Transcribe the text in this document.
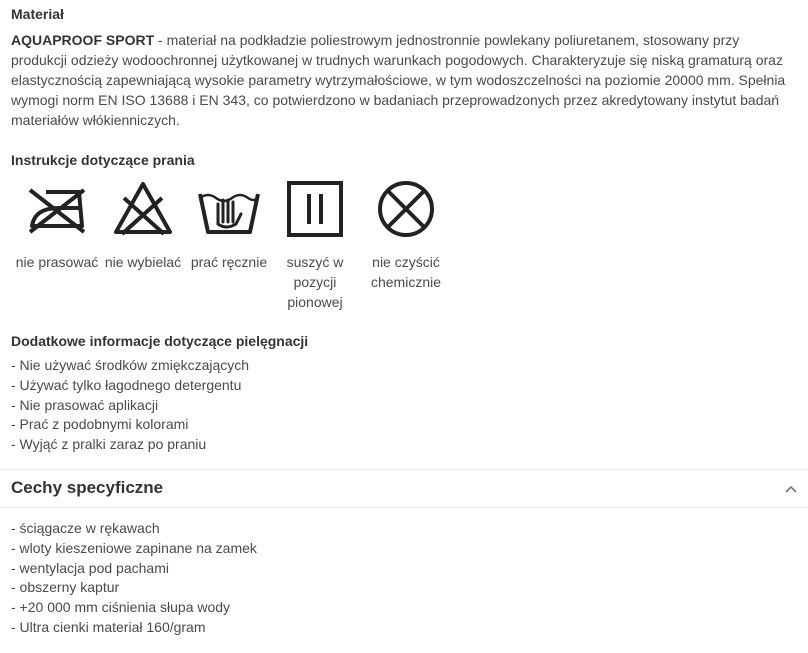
Materiał
AQUAPROOF SPORT - materiał na podkładzie poliestrowym jednostronnie powlekany poliuretanem, stosowany przy produkcji odzieży wodoochronnej użytkowanej w trudnych warunkach pogodowych. Charakteryzuje się niską gramaturą oraz elastycznością zapewniającą wysokie parametry wytrzymałościowe, w tym wodoszczelności na poziomie 20000 mm. Spełnia wymogi norm EN ISO 13688 i EN 343, co potwierdzono w badaniach przeprowadzonych przez akredytowany instytut badań materiałów włókienniczych.
Instrukcje dotyczące prania
nie prasować nie wybielać prać ręcznie	suszyć w pozycji pionowej
nie czyścić chemicznie
Dodatkowe informacje dotyczące pielęgnacji
- Nie używać środków zmiękczających
- Używać tylko łagodnego detergentu
- Nie prasować aplikacji
- Prać z podobnymi kolorami
- Wyjąć z pralki zaraz po praniu
Cechy specyficzne
- ściągacze w rękawach
- wloty kieszeniowe zapinane na zamek
- wentylacja pod pachami
- obszerny kaptur
- +20 000 mm ciśnienia słupa wody
- Ultra cienki materiał 160/gram
